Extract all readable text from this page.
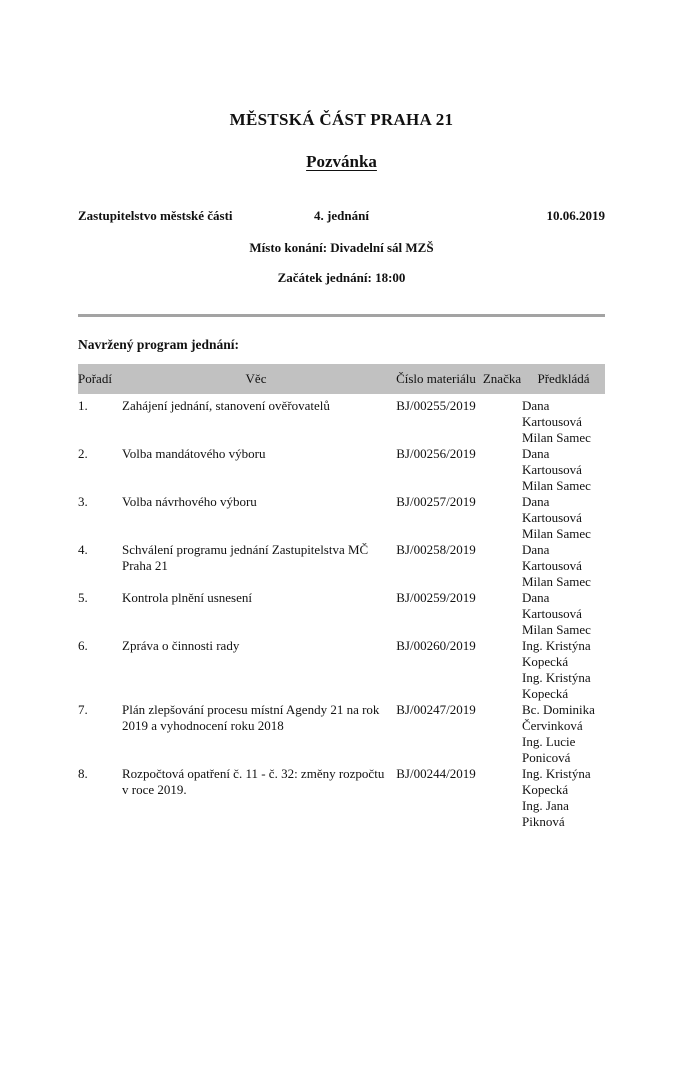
MĚSTSKÁ ČÁST PRAHA 21
Pozvánka
Zastupitelstvo městské části	4. jednání	10.06.2019
Místo konání: Divadelní sál MZŠ
Začátek jednání: 18:00
Navržený program jednání:
Pořadí	Věc	Číslo materiálu	Značka	Předkládá
1.	Zahájení jednání, stanovení ověřovatelů	BJ/00255/2019		Dana Kartousová
Milan Samec

2.	Volba mandátového výboru	BJ/00256/2019		Dana Kartousová
Milan Samec

3.	Volba návrhového výboru	BJ/00257/2019		Dana Kartousová
Milan Samec

4.	Schválení programu jednání Zastupitelstva MČ Praha 21	BJ/00258/2019		Dana Kartousová
Milan Samec

5.	Kontrola plnění usnesení	BJ/00259/2019		Dana Kartousová
Milan Samec

6.	Zpráva o činnosti rady	BJ/00260/2019		Ing. Kristýna Kopecká
Ing. Kristýna Kopecká

7.	Plán zlepšování procesu místní Agendy 21 na rok 2019 a vyhodnocení roku 2018	BJ/00247/2019		Bc. Dominika Červinková
Ing. Lucie Ponicová

8.	Rozpočtová opatření č. 11 - č. 32: změny rozpočtu v roce 2019.	BJ/00244/2019		Ing. Kristýna Kopecká
Ing. Jana Piknová
